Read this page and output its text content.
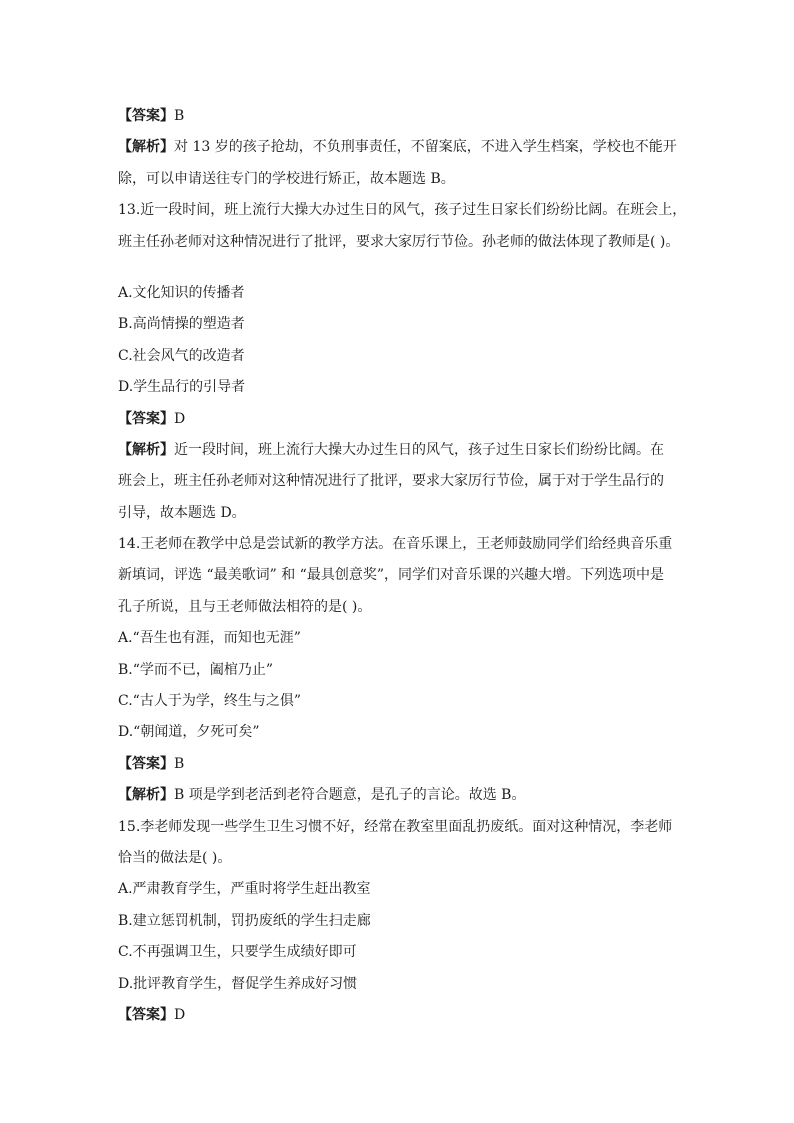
【答案】B
【解析】对 13 岁的孩子抢劫，不负刑事责任，不留案底，不进入学生档案，学校也不能开
除，可以申请送往专门的学校进行矫正，故本题选 B。
13.近一段时间，班上流行大操大办过生日的风气，孩子过生日家长们纷纷比阔。在班会上，
班主任孙老师对这种情况进行了批评，要求大家厉行节俭。孙老师的做法体现了教师是( )。
A.文化知识的传播者
B.高尚情操的塑造者
C.社会风气的改造者
D.学生品行的引导者
【答案】D
【解析】近一段时间，班上流行大操大办过生日的风气，孩子过生日家长们纷纷比阔。在
班会上，班主任孙老师对这种情况进行了批评，要求大家厉行节俭，属于对于学生品行的
引导，故本题选 D。
14.王老师在教学中总是尝试新的教学方法。在音乐课上，王老师鼓励同学们给经典音乐重
新填词，评选 “最美歌词” 和 “最具创意奖”，同学们对音乐课的兴趣大增。下列选项中是
孔子所说，且与王老师做法相符的是( )。
A.“吾生也有涯，而知也无涯”
B.“学而不已，阖棺乃止”
C.“古人于为学，终生与之俱”
D.“朝闻道，夕死可矣”
【答案】B
【解析】B 项是学到老活到老符合题意，是孔子的言论。故选 B。
15.李老师发现一些学生卫生习惯不好，经常在教室里面乱扔废纸。面对这种情况，李老师
恰当的做法是( )。
A.严肃教育学生，严重时将学生赶出教室
B.建立惩罚机制，罚扔废纸的学生扫走廊
C.不再强调卫生，只要学生成绩好即可
D.批评教育学生，督促学生养成好习惯
【答案】D
